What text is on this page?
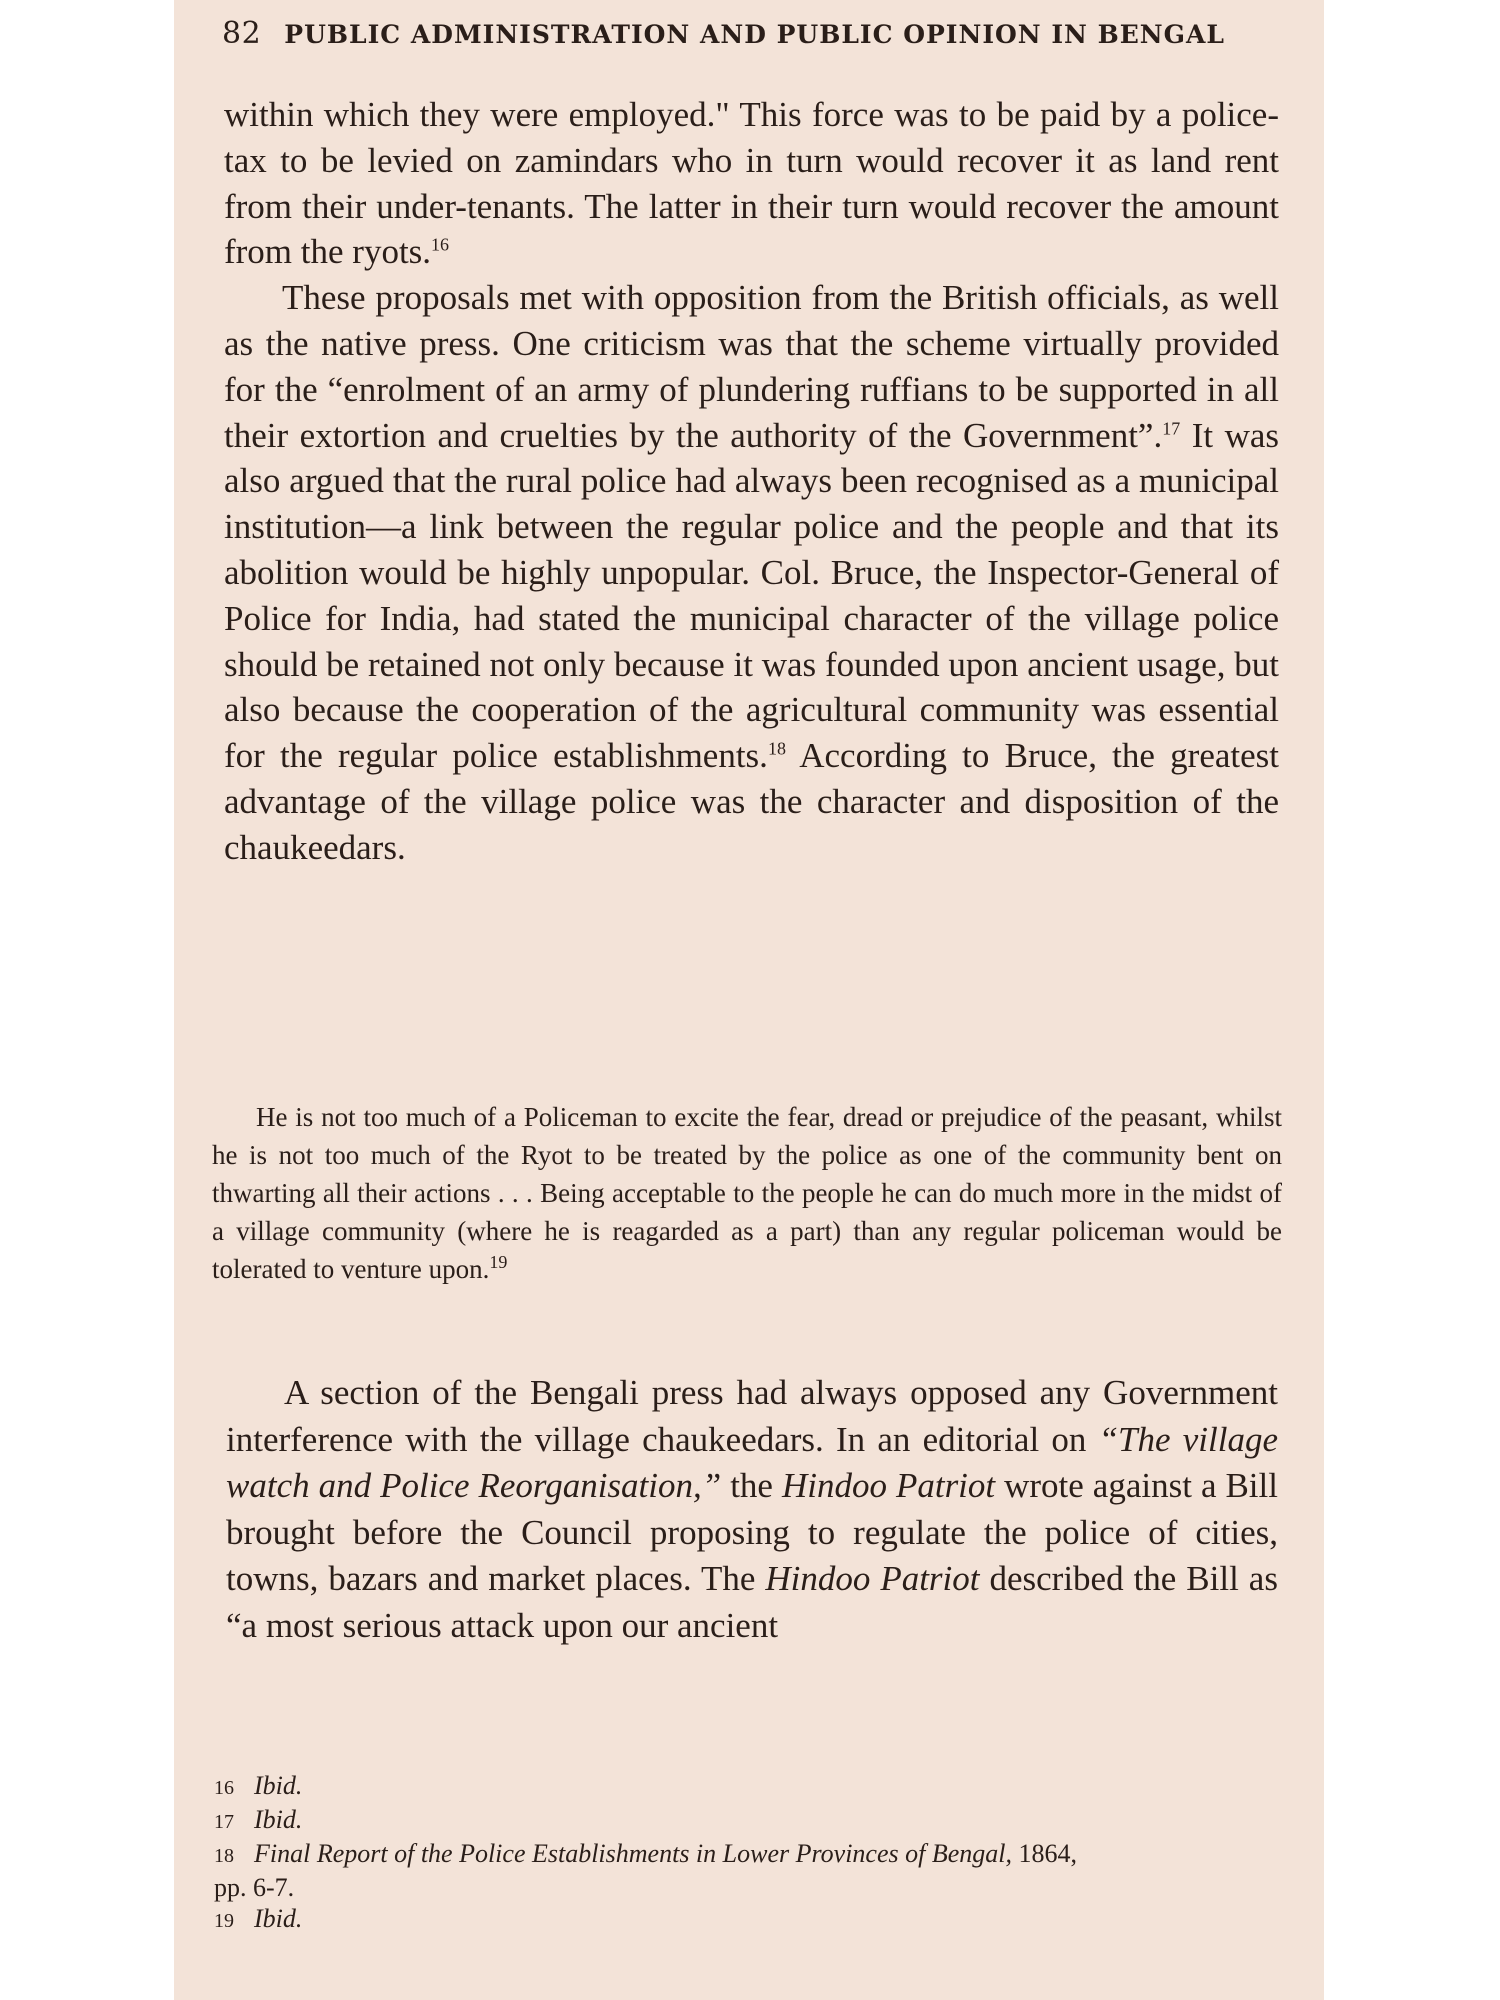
82 PUBLIC ADMINISTRATION AND PUBLIC OPINION IN BENGAL

within which they were employed." This force was to be paid by a police-tax to be levied on zamindars who in turn would recover it as land rent from their under-tenants. The latter in their turn would recover the amount from the ryots.$^{16}$

These proposals met with opposition from the British officials, as well as the native press. One criticism was that the scheme virtually provided for the “enrolment of an army of plundering ruffians to be supported in all their extortion and cruelties by the authority of the Government”.$^{17}$ It was also argued that the rural police had always been recognised as a municipal institution—a link between the regular police and the people and that its abolition would be highly unpopular. Col. Bruce, the Inspector-General of Police for India, had stated the municipal character of the village police should be retained not only because it was founded upon ancient usage, but also because the cooperation of the agricultural community was essential for the regular police establishments.$^{18}$ According to Bruce, the greatest advantage of the village police was the character and disposition of the chaukeedars.

He is not too much of a Policeman to excite the fear, dread or prejudice of the peasant, whilst he is not too much of the Ryot to be treated by the police as one of the community bent on thwarting all their actions . . . Being acceptable to the people he can do much more in the midst of a village community (where he is reagarded as a part) than any regular policeman would be tolerated to venture upon.$^{19}$

A section of the Bengali press had always opposed any Government interference with the village chaukeedars. In an editorial on “The village watch and Police Reorganisation,” the Hindoo Patriot wrote against a Bill brought before the Council proposing to regulate the police of cities, towns, bazars and market places. The Hindoo Patriot described the Bill as “a most serious attack upon our ancient

16 Ibid.
17 Ibid.
18 Final Report of the Police Establishments in Lower Provinces of Bengal, 1864,
pp. 6-7.
19 Ibid.
